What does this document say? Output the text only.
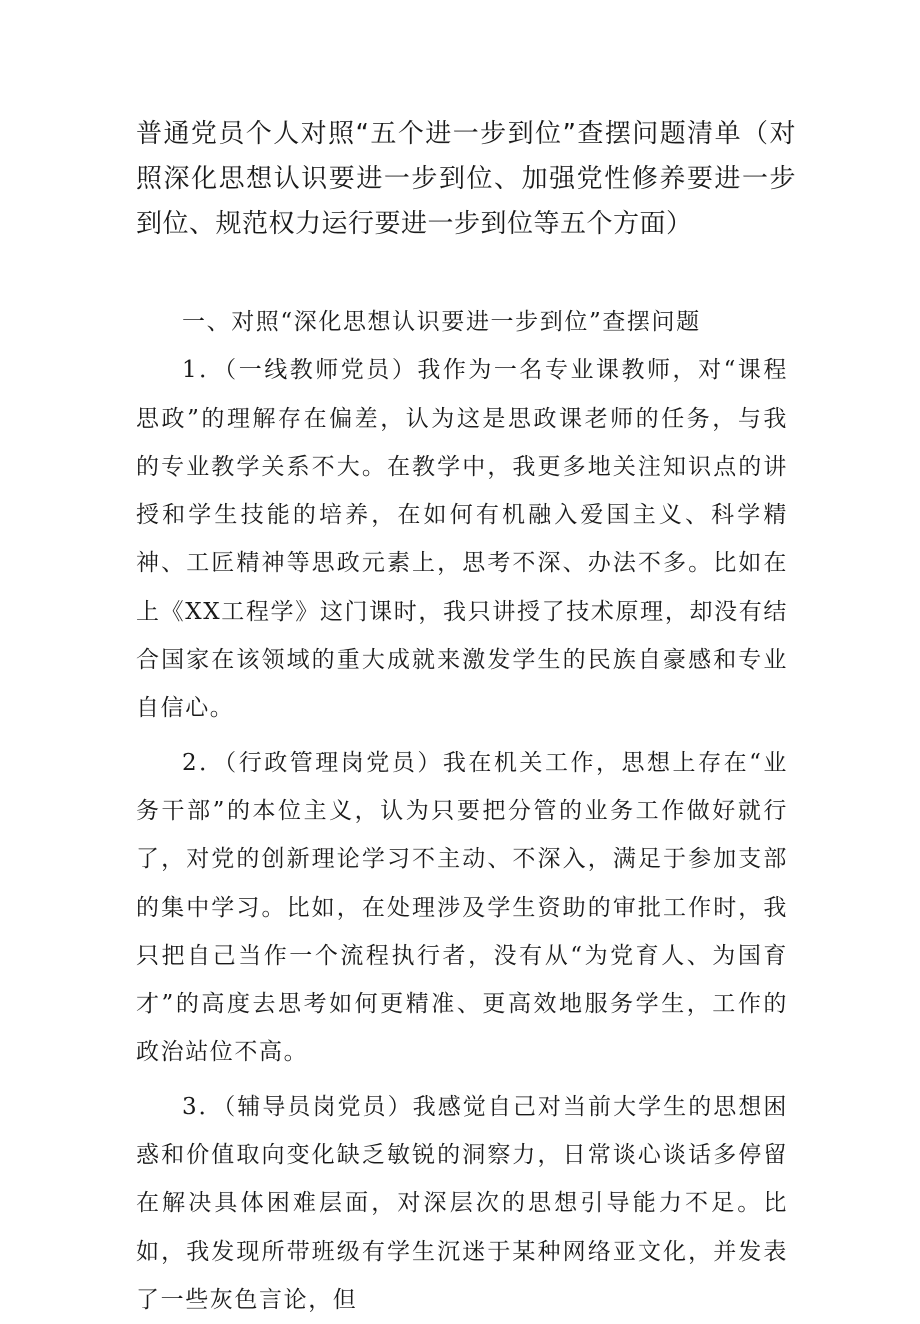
普通党员个人对照“五个进一步到位”查摆问题清单（对照深化思想认识要进一步到位、加强党性修养要进一步到位、规范权力运行要进一步到位等五个方面）

一、对照“深化思想认识要进一步到位”查摆问题

1．（一线教师党员）我作为一名专业课教师，对“课程思政”的理解存在偏差，认为这是思政课老师的任务，与我的专业教学关系不大。在教学中，我更多地关注知识点的讲授和学生技能的培养，在如何有机融入爱国主义、科学精神、工匠精神等思政元素上，思考不深、办法不多。比如在上《XX工程学》这门课时，我只讲授了技术原理，却没有结合国家在该领域的重大成就来激发学生的民族自豪感和专业自信心。

2．（行政管理岗党员）我在机关工作，思想上存在“业务干部”的本位主义，认为只要把分管的业务工作做好就行了，对党的创新理论学习不主动、不深入，满足于参加支部的集中学习。比如，在处理涉及学生资助的审批工作时，我只把自己当作一个流程执行者，没有从“为党育人、为国育才”的高度去思考如何更精准、更高效地服务学生，工作的政治站位不高。

3．（辅导员岗党员）我感觉自己对当前大学生的思想困惑和价值取向变化缺乏敏锐的洞察力，日常谈心谈话多停留在解决具体困难层面，对深层次的思想引导能力不足。比如，我发现所带班级有学生沉迷于某种网络亚文化，并发表了一些灰色言论，但
